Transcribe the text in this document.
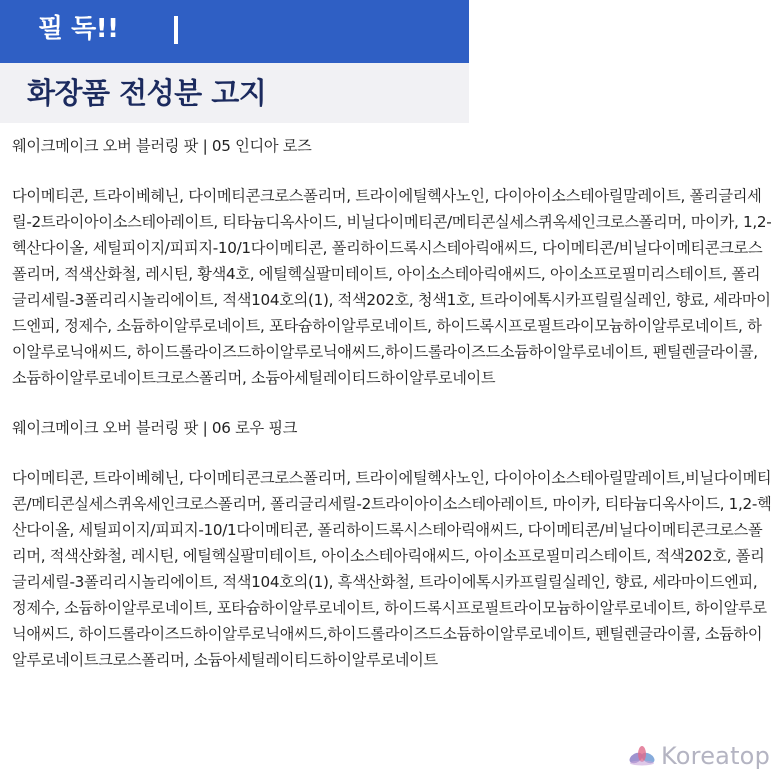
필 독!!
화장품 전성분 고지

웨이크메이크 오버 블러링 팟 | 05 인디아 로즈

다이메티콘, 트라이베헤닌, 다이메티콘크로스폴리머, 트라이에틸헥사노인, 다이아이소스테아릴말레이트, 폴리글리세릴-2트라이아이소스테아레이트, 티타늄디옥사이드, 비닐다이메티콘/메티콘실세스퀴옥세인크로스폴리머, 마이카, 1,2-헥산다이올, 세틸피이지/피피지-10/1다이메티콘, 폴리하이드록시스테아릭애씨드, 다이메티콘/비닐다이메티콘크로스폴리머, 적색산화철, 레시틴, 황색4호, 에틸헥실팔미테이트, 아이소스테아릭애씨드, 아이소프로필미리스테이트, 폴리글리세릴-3폴리리시놀리에이트, 적색104호의(1), 적색202호, 청색1호, 트라이에톡시카프릴릴실레인, 향료, 세라마이드엔피, 정제수, 소듐하이알루로네이트, 포타슘하이알루로네이트, 하이드록시프로필트라이모늄하이알루로네이트, 하이알루로닉애씨드, 하이드롤라이즈드하이알루로닉애씨드,하이드롤라이즈드소듐하이알루로네이트, 펜틸렌글라이콜, 소듐하이알루로네이트크로스폴리머, 소듐아세틸레이티드하이알루로네이트

웨이크메이크 오버 블러링 팟 | 06 로우 핑크

다이메티콘, 트라이베헤닌, 다이메티콘크로스폴리머, 트라이에틸헥사노인, 다이아이소스테아릴말레이트,비닐다이메티콘/메티콘실세스퀴옥세인크로스폴리머, 폴리글리세릴-2트라이아이소스테아레이트, 마이카, 티타늄디옥사이드, 1,2-헥산다이올, 세틸피이지/피피지-10/1다이메티콘, 폴리하이드록시스테아릭애씨드, 다이메티콘/비닐다이메티콘크로스폴리머, 적색산화철, 레시틴, 에틸헥실팔미테이트, 아이소스테아릭애씨드, 아이소프로필미리스테이트, 적색202호, 폴리글리세릴-3폴리리시놀리에이트, 적색104호의(1), 흑색산화철, 트라이에톡시카프릴릴실레인, 향료, 세라마이드엔피, 정제수, 소듐하이알루로네이트, 포타슘하이알루로네이트, 하이드록시프로필트라이모늄하이알루로네이트, 하이알루로닉애씨드, 하이드롤라이즈드하이알루로닉애씨드,하이드롤라이즈드소듐하이알루로네이트, 펜틸렌글라이콜, 소듐하이알루로네이트크로스폴리머, 소듐아세틸레이티드하이알루로네이트

Koreatop
